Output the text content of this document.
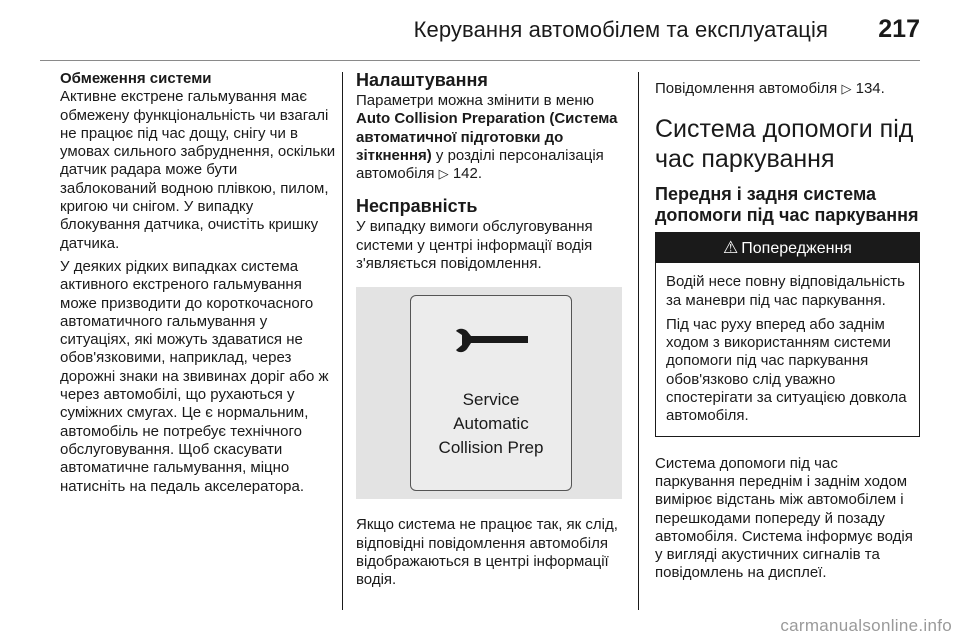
Керування автомобілем та експлуатація 217

Обмеження системи
Активне екстрене гальмування має обмежену функціональність чи взагалі не працює під час дощу, снігу чи в умовах сильного забруднення, оскільки датчик радара може бути заблокований водною плівкою, пилом, кригою чи снігом. У випадку блокування датчика, очистіть кришку датчика.

У деяких рідких випадках система активного екстреного гальмування може призводити до короткочасного автоматичного гальмування у ситуаціях, які можуть здаватися не обов'язковими, наприклад, через дорожні знаки на звивинах доріг або ж через автомобілі, що рухаються у суміжних смугах. Це є нормальним, автомобіль не потребує технічного обслуговування. Щоб скасувати автоматичне гальмування, міцно натисніть на педаль акселератора.

Налаштування

Параметри можна змінити в меню Auto Collision Preparation (Система автоматичної підготовки до зіткнення) у розділі персоналізація автомобіля ▷ 142.

Несправність

У випадку вимоги обслуговування системи у центрі інформації водія з'являється повідомлення.

Service
Automatic
Collision Prep

Якщо система не працює так, як слід, відповідні повідомлення автомобіля відображаються в центрі інформації водія.

Повідомлення автомобіля ▷ 134.

Система допомоги під час паркування
Передня і задня система допомоги під час паркування
⚠ Попередження

Водій несе повну відповідальність за маневри під час паркування.

Під час руху вперед або заднім ходом з використанням системи допомоги під час паркування обов'язково слід уважно спостерігати за ситуацією довкола автомобіля.

Система допомоги під час паркування переднім і заднім ходом вимірює відстань між автомобілем і перешкодами попереду й позаду автомобіля. Система інформує водія у вигляді акустичних сигналів та повідомлень на дисплеї.

carmanualsonline.info
